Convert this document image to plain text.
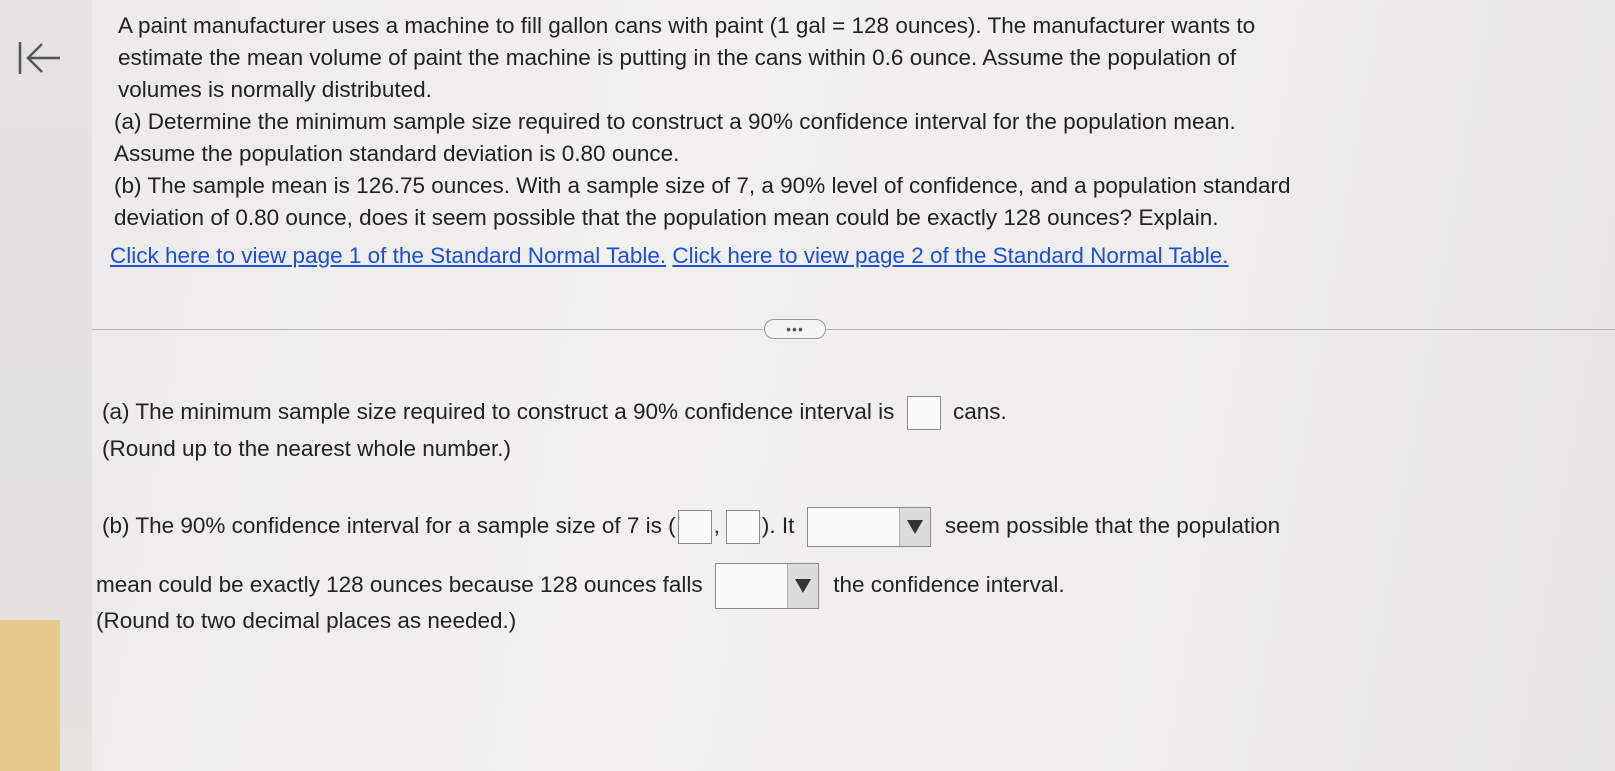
A paint manufacturer uses a machine to fill gallon cans with paint (1 gal = 128 ounces). The manufacturer wants to
estimate the mean volume of paint the machine is putting in the cans within 0.6 ounce. Assume the population of
volumes is normally distributed.
(a) Determine the minimum sample size required to construct a 90% confidence interval for the population mean.
Assume the population standard deviation is 0.80 ounce.
(b) The sample mean is 126.75 ounces. With a sample size of 7, a 90% level of confidence, and a population standard
deviation of 0.80 ounce, does it seem possible that the population mean could be exactly 128 ounces? Explain.
Click here to view page 1 of the Standard Normal Table. Click here to view page 2 of the Standard Normal Table.
•••
(a) The minimum sample size required to construct a 90% confidence interval is	cans.
(Round up to the nearest whole number.)
(b) The 90% confidence interval for a sample size of 7 is ( , ). It	seem possible that the population
mean could be exactly 128 ounces because 128 ounces falls	the confidence interval.
(Round to two decimal places as needed.)
